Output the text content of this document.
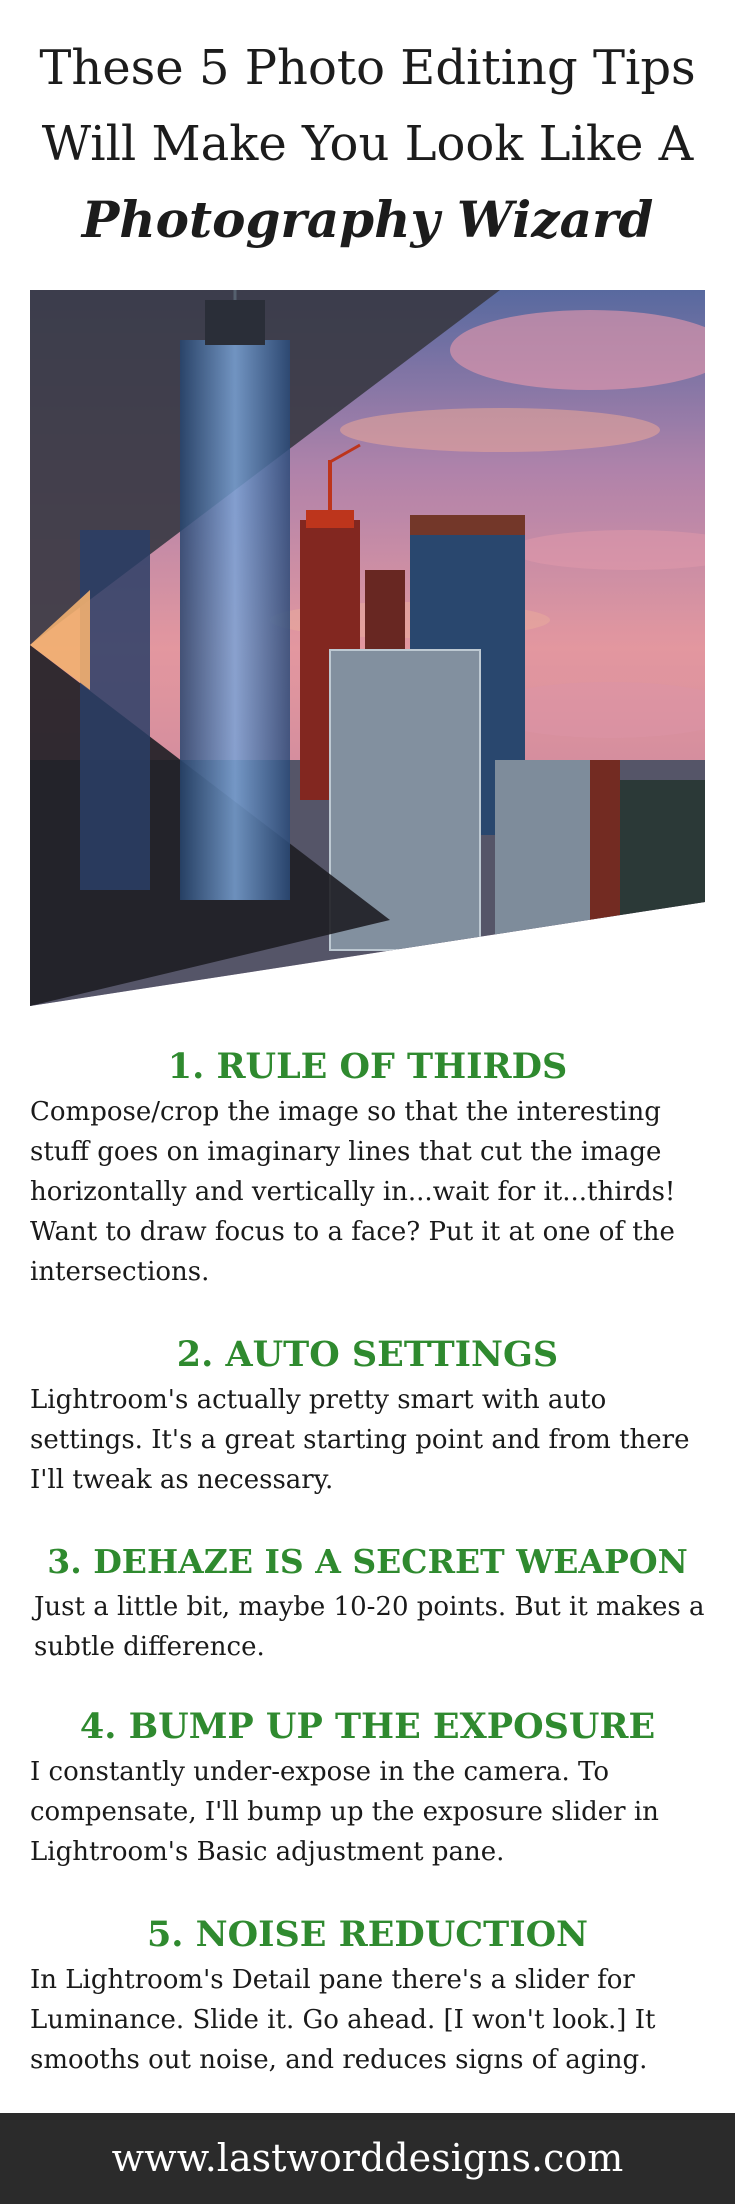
These 5 Photo Editing Tips
Will Make You Look Like A
Photography Wizard
1. RULE OF THIRDS

Compose/crop the image so that the interesting stuff goes on imaginary lines that cut the image horizontally and vertically in...wait for it...thirds! Want to draw focus to a face? Put it at one of the intersections.

2. AUTO SETTINGS

Lightroom's actually pretty smart with auto settings. It's a great starting point and from there I'll tweak as necessary.

3. DEHAZE IS A SECRET WEAPON

Just a little bit, maybe 10-20 points. But it makes a subtle difference.

4. BUMP UP THE EXPOSURE

I constantly under-expose in the camera. To compensate, I'll bump up the exposure slider in Lightroom's Basic adjustment pane.

5. NOISE REDUCTION

In Lightroom's Detail pane there's a slider for Luminance. Slide it. Go ahead. [I won't look.] It smooths out noise, and reduces signs of aging.

www.lastworddesigns.com
